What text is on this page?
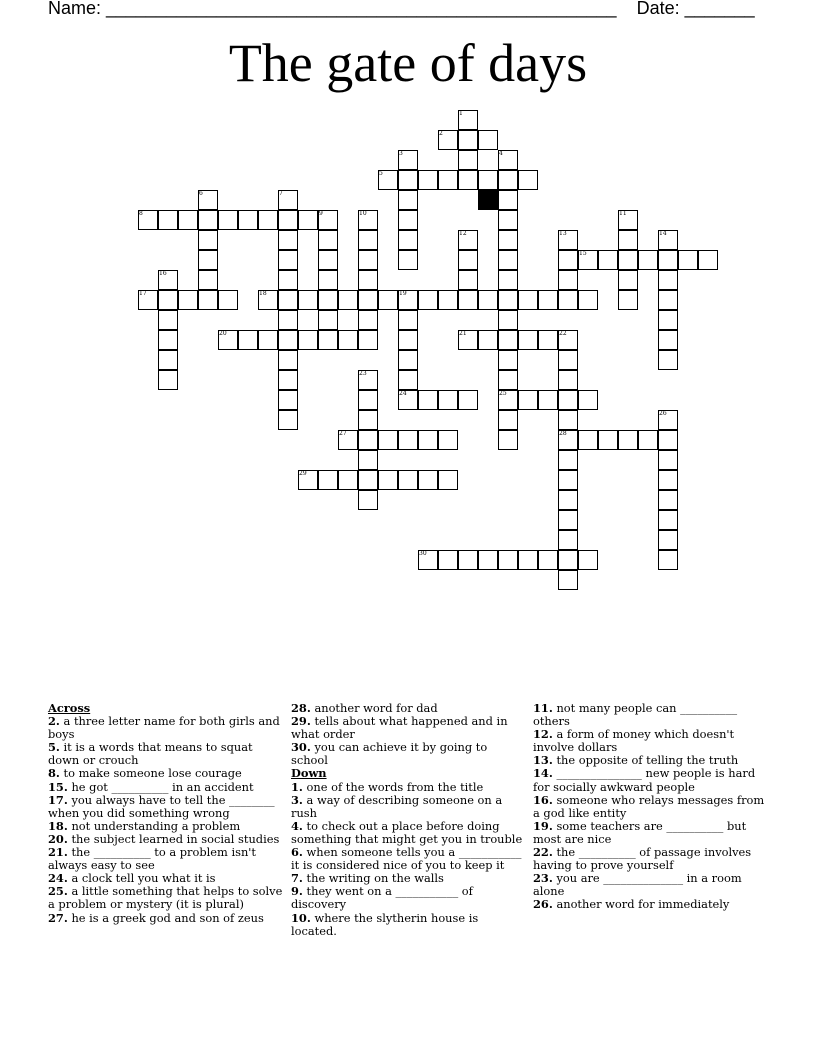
Name: ___________________________________________________ Date: _______
The gate of days
2
5
8
15
17	18
20	21
24	25
27	28
29
30
1
3	4
6	7
9	10	11
12	13	14
16
19
22
23
26
Across
2. a three letter name for both girls and boys
5. it is a words that means to squat down or crouch
8. to make someone lose courage
15. he got __________ in an accident
17. you always have to tell the ________ when you did something wrong
18. not understanding a problem
20. the subject learned in social studies
21. the __________ to a problem isn't always easy to see
24. a clock tell you what it is
25. a little something that helps to solve a problem or mystery (it is plural)
27. he is a greek god and son of zeus
28. another word for dad
29. tells about what happened and in what order
30. you can achieve it by going to school
Down
1. one of the words from the title
3. a way of describing someone on a rush
4. to check out a place before doing something that might get you in trouble
6. when someone tells you a ___________ it is considered nice of you to keep it
7. the writing on the walls
9. they went on a ___________ of discovery
10. where the slytherin house is located.
11. not many people can __________ others
12. a form of money which doesn't involve dollars
13. the opposite of telling the truth
14. _______________ new people is hard for socially awkward people
16. someone who relays messages from a god like entity
19. some teachers are __________ but most are nice
22. the __________ of passage involves having to prove yourself
23. you are ______________ in a room alone
26. another word for immediately
